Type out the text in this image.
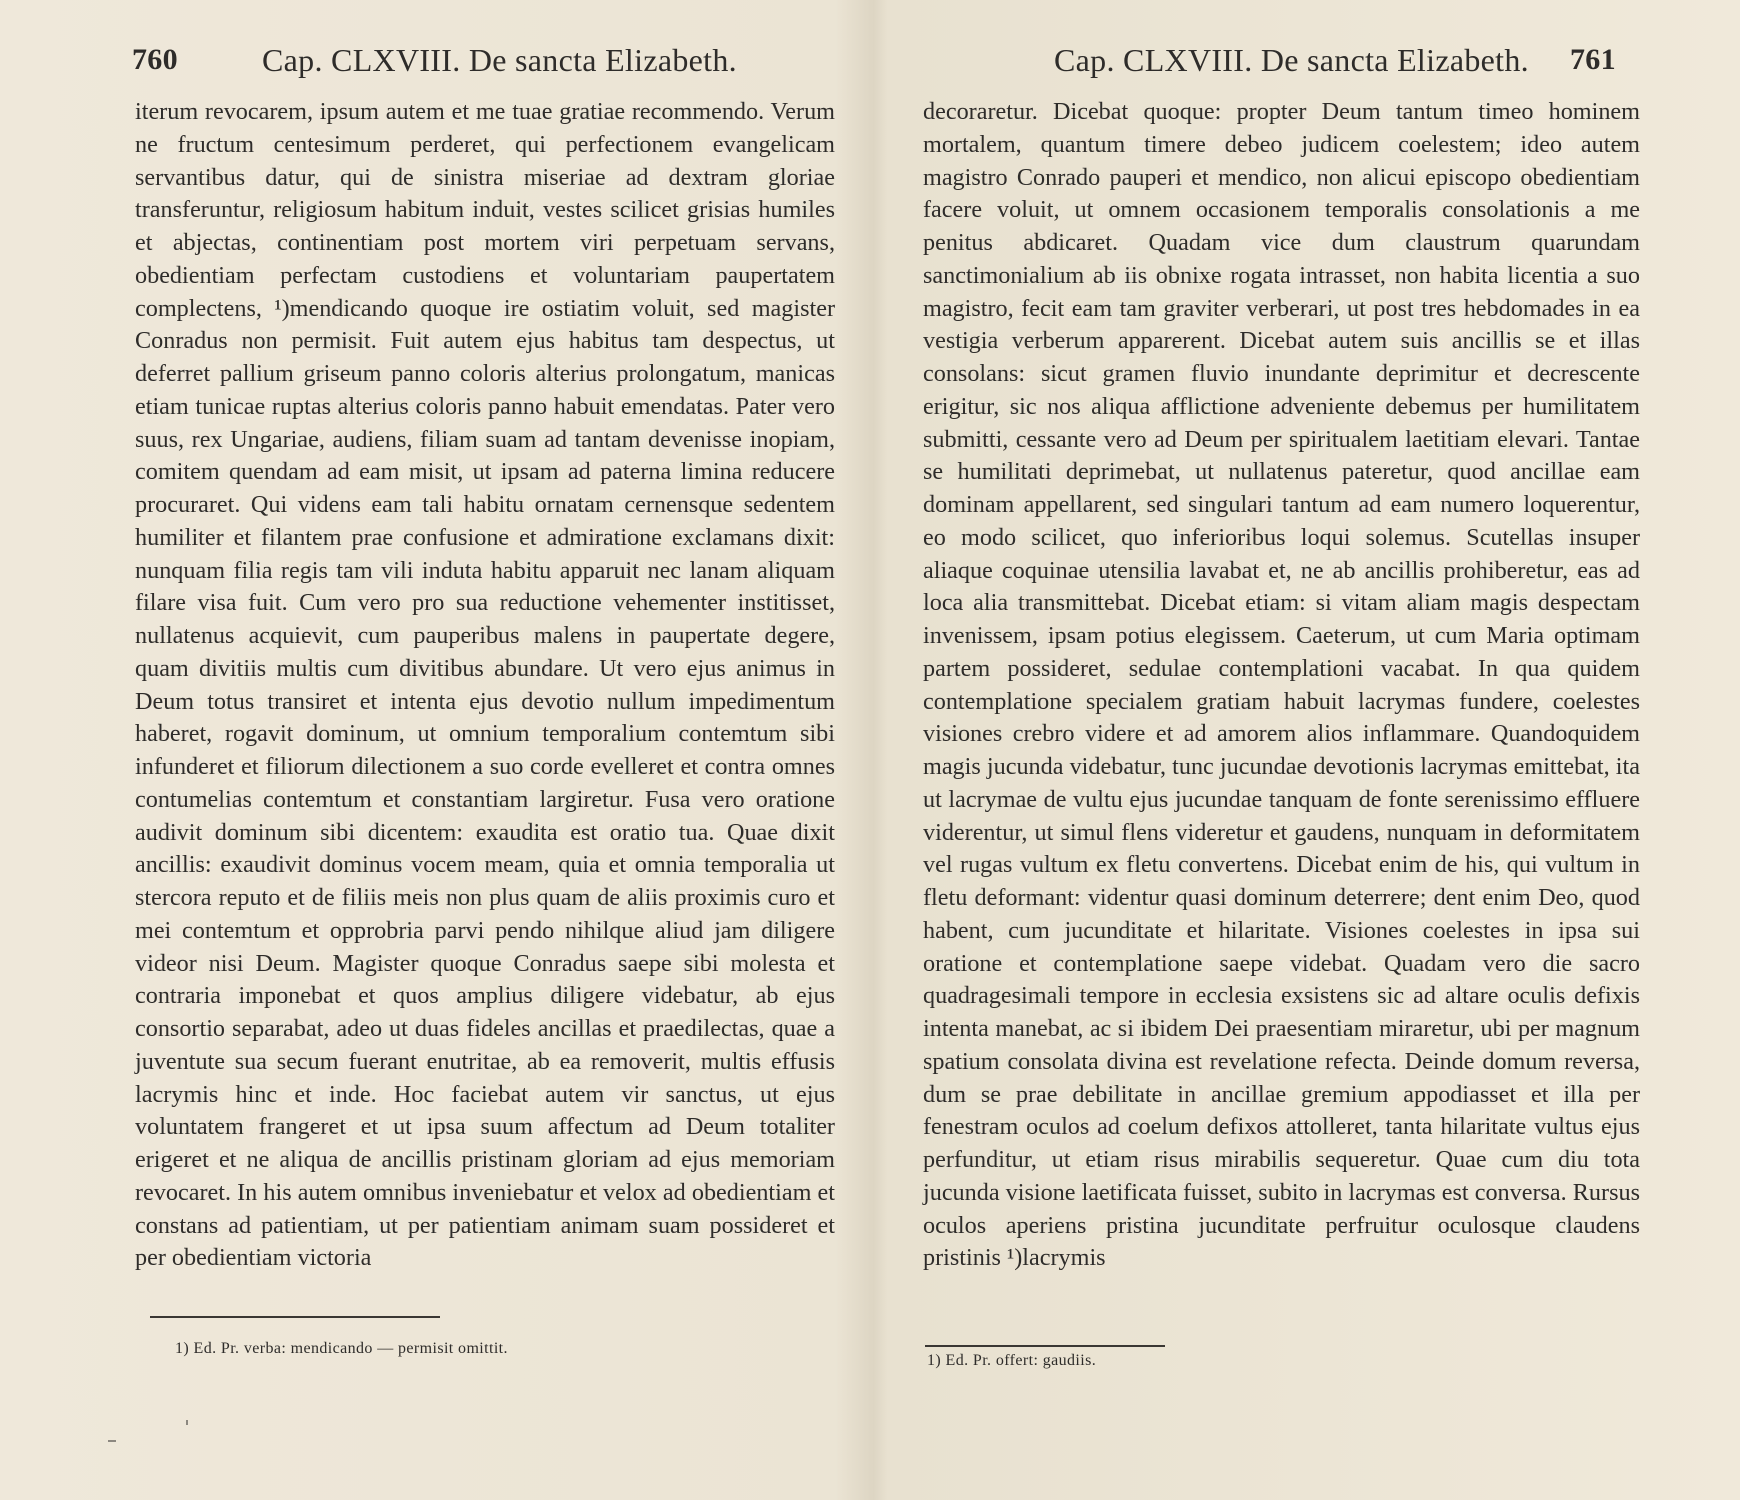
760	Cap. CLXVIII. De sancta Elizabeth.

iterum revocarem, ipsum autem et me tuae gratiae recommendo. Verum ne fructum centesimum perderet, qui perfectionem evangelicam servantibus datur, qui de sinistra miseriae ad dextram gloriae transferuntur, religiosum habitum induit, vestes scilicet grisias humiles et abjectas, continentiam post mortem viri perpetuam servans, obedientiam perfectam custodiens et voluntariam paupertatem complectens, ¹)mendicando quoque ire ostiatim voluit, sed magister Conradus non permisit. Fuit autem ejus habitus tam despectus, ut deferret pallium griseum panno coloris alterius prolongatum, manicas etiam tunicae ruptas alterius coloris panno habuit emendatas. Pater vero suus, rex Ungariae, audiens, filiam suam ad tantam devenisse inopiam, comitem quendam ad eam misit, ut ipsam ad paterna limina reducere procuraret. Qui videns eam tali habitu ornatam cernensque sedentem humiliter et filantem prae confusione et admiratione exclamans dixit: nunquam filia regis tam vili induta habitu apparuit nec lanam aliquam filare visa fuit. Cum vero pro sua reductione vehementer institisset, nullatenus acquievit, cum pauperibus malens in paupertate degere, quam divitiis multis cum divitibus abundare. Ut vero ejus animus in Deum totus transiret et intenta ejus devotio nullum impedimentum haberet, rogavit dominum, ut omnium temporalium contemtum sibi infunderet et filiorum dilectionem a suo corde evelleret et contra omnes contumelias contemtum et constantiam largiretur. Fusa vero oratione audivit dominum sibi dicentem: exaudita est oratio tua. Quae dixit ancillis: exaudivit dominus vocem meam, quia et omnia temporalia ut stercora reputo et de filiis meis non plus quam de aliis proximis curo et mei contemtum et opprobria parvi pendo nihilque aliud jam diligere videor nisi Deum. Magister quoque Conradus saepe sibi molesta et contraria imponebat et quos amplius diligere videbatur, ab ejus consortio separabat, adeo ut duas fideles ancillas et praedilectas, quae a juventute sua secum fuerant enutritae, ab ea removerit, multis effusis lacrymis hinc et inde. Hoc faciebat autem vir sanctus, ut ejus voluntatem frangeret et ut ipsa suum affectum ad Deum totaliter erigeret et ne aliqua de ancillis pristinam gloriam ad ejus memoriam revocaret. In his autem omnibus inveniebatur et velox ad obedientiam et constans ad patientiam, ut per patientiam animam suam possideret et per obedientiam victoria

1) Ed. Pr. verba: mendicando — permisit omittit.
Cap. CLXVIII. De sancta Elizabeth. 761

decoraretur. Dicebat quoque: propter Deum tantum timeo hominem mortalem, quantum timere debeo judicem coelestem; ideo autem magistro Conrado pauperi et mendico, non alicui episcopo obedientiam facere voluit, ut omnem occasionem temporalis consolationis a me penitus abdicaret. Quadam vice dum claustrum quarundam sanctimonialium ab iis obnixe rogata intrasset, non habita licentia a suo magistro, fecit eam tam graviter verberari, ut post tres hebdomades in ea vestigia verberum apparerent. Dicebat autem suis ancillis se et illas consolans: sicut gramen fluvio inundante deprimitur et decrescente erigitur, sic nos aliqua afflictione adveniente debemus per humilitatem submitti, cessante vero ad Deum per spiritualem laetitiam elevari. Tantae se humilitati deprimebat, ut nullatenus pateretur, quod ancillae eam dominam appellarent, sed singulari tantum ad eam numero loquerentur, eo modo scilicet, quo inferioribus loqui solemus. Scutellas insuper aliaque coquinae utensilia lavabat et, ne ab ancillis prohiberetur, eas ad loca alia transmittebat. Dicebat etiam: si vitam aliam magis despectam invenissem, ipsam potius elegissem. Caeterum, ut cum Maria optimam partem possideret, sedulae contemplationi vacabat. In qua quidem contemplatione specialem gratiam habuit lacrymas fundere, coelestes visiones crebro videre et ad amorem alios inflammare. Quandoquidem magis jucunda videbatur, tunc jucundae devotionis lacrymas emittebat, ita ut lacrymae de vultu ejus jucundae tanquam de fonte serenissimo effluere viderentur, ut simul flens videretur et gaudens, nunquam in deformitatem vel rugas vultum ex fletu convertens. Dicebat enim de his, qui vultum in fletu deformant: videntur quasi dominum deterrere; dent enim Deo, quod habent, cum jucunditate et hilaritate. Visiones coelestes in ipsa sui oratione et contemplatione saepe videbat. Quadam vero die sacro quadragesimali tempore in ecclesia exsistens sic ad altare oculis defixis intenta manebat, ac si ibidem Dei praesentiam miraretur, ubi per magnum spatium consolata divina est revelatione refecta. Deinde domum reversa, dum se prae debilitate in ancillae gremium appodiasset et illa per fenestram oculos ad coelum defixos attolleret, tanta hilaritate vultus ejus perfunditur, ut etiam risus mirabilis sequeretur. Quae cum diu tota jucunda visione laetificata fuisset, subito in lacrymas est conversa. Rursus oculos aperiens pristina jucunditate perfruitur oculosque claudens pristinis ¹)lacrymis

1) Ed. Pr. offert: gaudiis.
